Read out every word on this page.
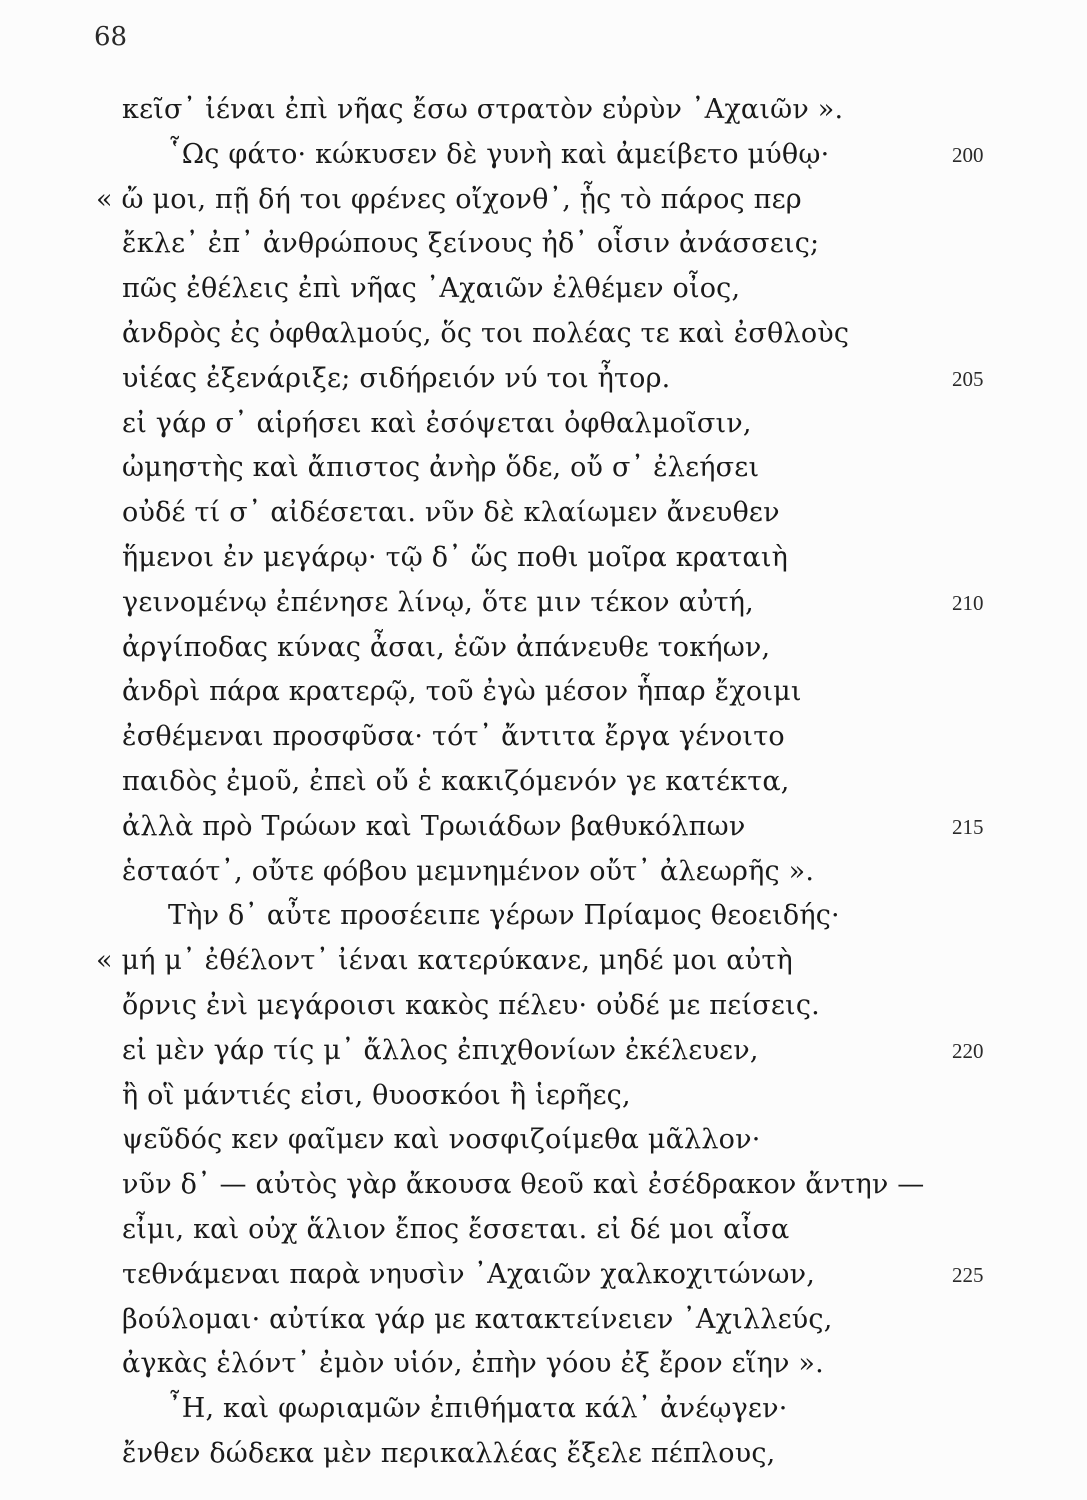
68
κεῖσ᾿ ἰέναι ἐπὶ νῆας ἔσω στρατὸν εὐρὺν ᾿Αχαιῶν ».
῟Ως φάτο· κώκυσεν δὲ γυνὴ καὶ ἀμείβετο μύθῳ·	200
« ὤ μοι, πῇ δή τοι φρένες οἴχονθ᾿, ᾗς τὸ πάρος περ
ἔκλε᾿ ἐπ᾿ ἀνθρώπους ξείνους ἠδ᾿ οἷσιν ἀνάσσεις;
πῶς ἐθέλεις ἐπὶ νῆας ᾿Αχαιῶν ἐλθέμεν οἶος,
ἀνδρὸς ἐς ὀφθαλμούς, ὅς τοι πολέας τε καὶ ἐσθλοὺς
υἱέας ἐξενάριξε; σιδήρειόν νύ τοι ἦτορ.	205
εἰ γάρ σ᾿ αἱρήσει καὶ ἐσόψεται ὀφθαλμοῖσιν,
ὠμηστὴς καὶ ἄπιστος ἀνὴρ ὅδε, οὔ σ᾿ ἐλεήσει
οὐδέ τί σ᾿ αἰδέσεται. νῦν δὲ κλαίωμεν ἄνευθεν
ἥμενοι ἐν μεγάρῳ· τῷ δ᾿ ὥς ποθι μοῖρα κραταιὴ
γεινομένῳ ἐπένησε λίνῳ, ὅτε μιν τέκον αὐτή,	210
ἀργίποδας κύνας ἆσαι, ἑῶν ἀπάνευθε τοκήων,
ἀνδρὶ πάρα κρατερῷ, τοῦ ἐγὼ μέσον ἧπαρ ἔχοιμι
ἐσθέμεναι προσφῦσα· τότ᾿ ἄντιτα ἔργα γένοιτο
παιδὸς ἐμοῦ, ἐπεὶ οὔ ἑ κακιζόμενόν γε κατέκτα,
ἀλλὰ πρὸ Τρώων καὶ Τρωιάδων βαθυκόλπων	215
ἑσταότ᾿, οὔτε φόβου μεμνημένον οὔτ᾿ ἀλεωρῆς ».
Τὴν δ᾿ αὖτε προσέειπε γέρων Πρίαμος θεοειδής·
« μή μ᾿ ἐθέλοντ᾿ ἰέναι κατερύκανε, μηδέ μοι αὐτὴ
ὄρνις ἐνὶ μεγάροισι κακὸς πέλευ· οὐδέ με πείσεις.
εἰ μὲν γάρ τίς μ᾿ ἄλλος ἐπιχθονίων ἐκέλευεν,	220
ἢ οἳ μάντιές εἰσι, θυοσκόοι ἢ ἱερῆες,
ψεῦδός κεν φαῖμεν καὶ νοσφιζοίμεθα μᾶλλον·
νῦν δ᾿ — αὐτὸς γὰρ ἄκουσα θεοῦ καὶ ἐσέδρακον ἄντην —
εἶμι, καὶ οὐχ ἅλιον ἔπος ἔσσεται. εἰ δέ μοι αἶσα
τεθνάμεναι παρὰ νηυσὶν ᾿Αχαιῶν χαλκοχιτώνων,	225
βούλομαι· αὐτίκα γάρ με κατακτείνειεν ᾿Αχιλλεύς,
ἀγκὰς ἑλόντ᾿ ἐμὸν υἱόν, ἐπὴν γόου ἐξ ἔρον εἵην ».
῏Η, καὶ φωριαμῶν ἐπιθήματα κάλ᾿ ἀνέῳγεν·
ἔνθεν δώδεκα μὲν περικαλλέας ἔξελε πέπλους,
